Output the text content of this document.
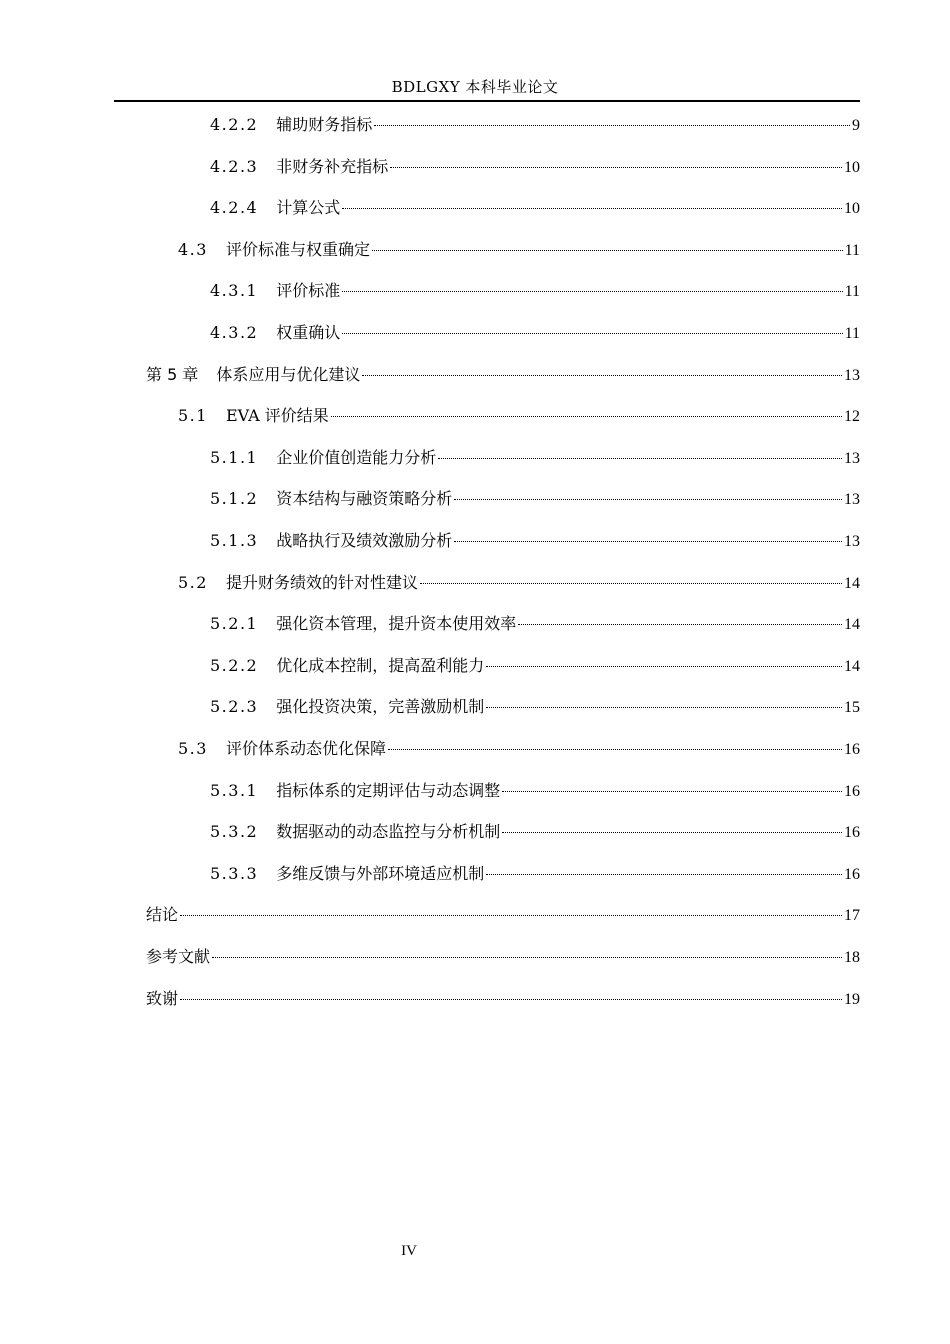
BDLGXY 本科毕业论文
4.2.2 辅助财务指标	9
4.2.3 非财务补充指标	10
4.2.4 计算公式	10
4.3 评价标准与权重确定	11
4.3.1 评价标准	11
4.3.2 权重确认	11
第 5 章 体系应用与优化建议	13
5.1 EVA 评价结果	12
5.1.1 企业价值创造能力分析	13
5.1.2 资本结构与融资策略分析	13
5.1.3 战略执行及绩效激励分析	13
5.2 提升财务绩效的针对性建议	14
5.2.1 强化资本管理，提升资本使用效率	14
5.2.2 优化成本控制，提高盈利能力	14
5.2.3 强化投资决策，完善激励机制	15
5.3 评价体系动态优化保障	16
5.3.1 指标体系的定期评估与动态调整	16
5.3.2 数据驱动的动态监控与分析机制	16
5.3.3 多维反馈与外部环境适应机制	16
结论	17
参考文献	18
致谢	19
IV
